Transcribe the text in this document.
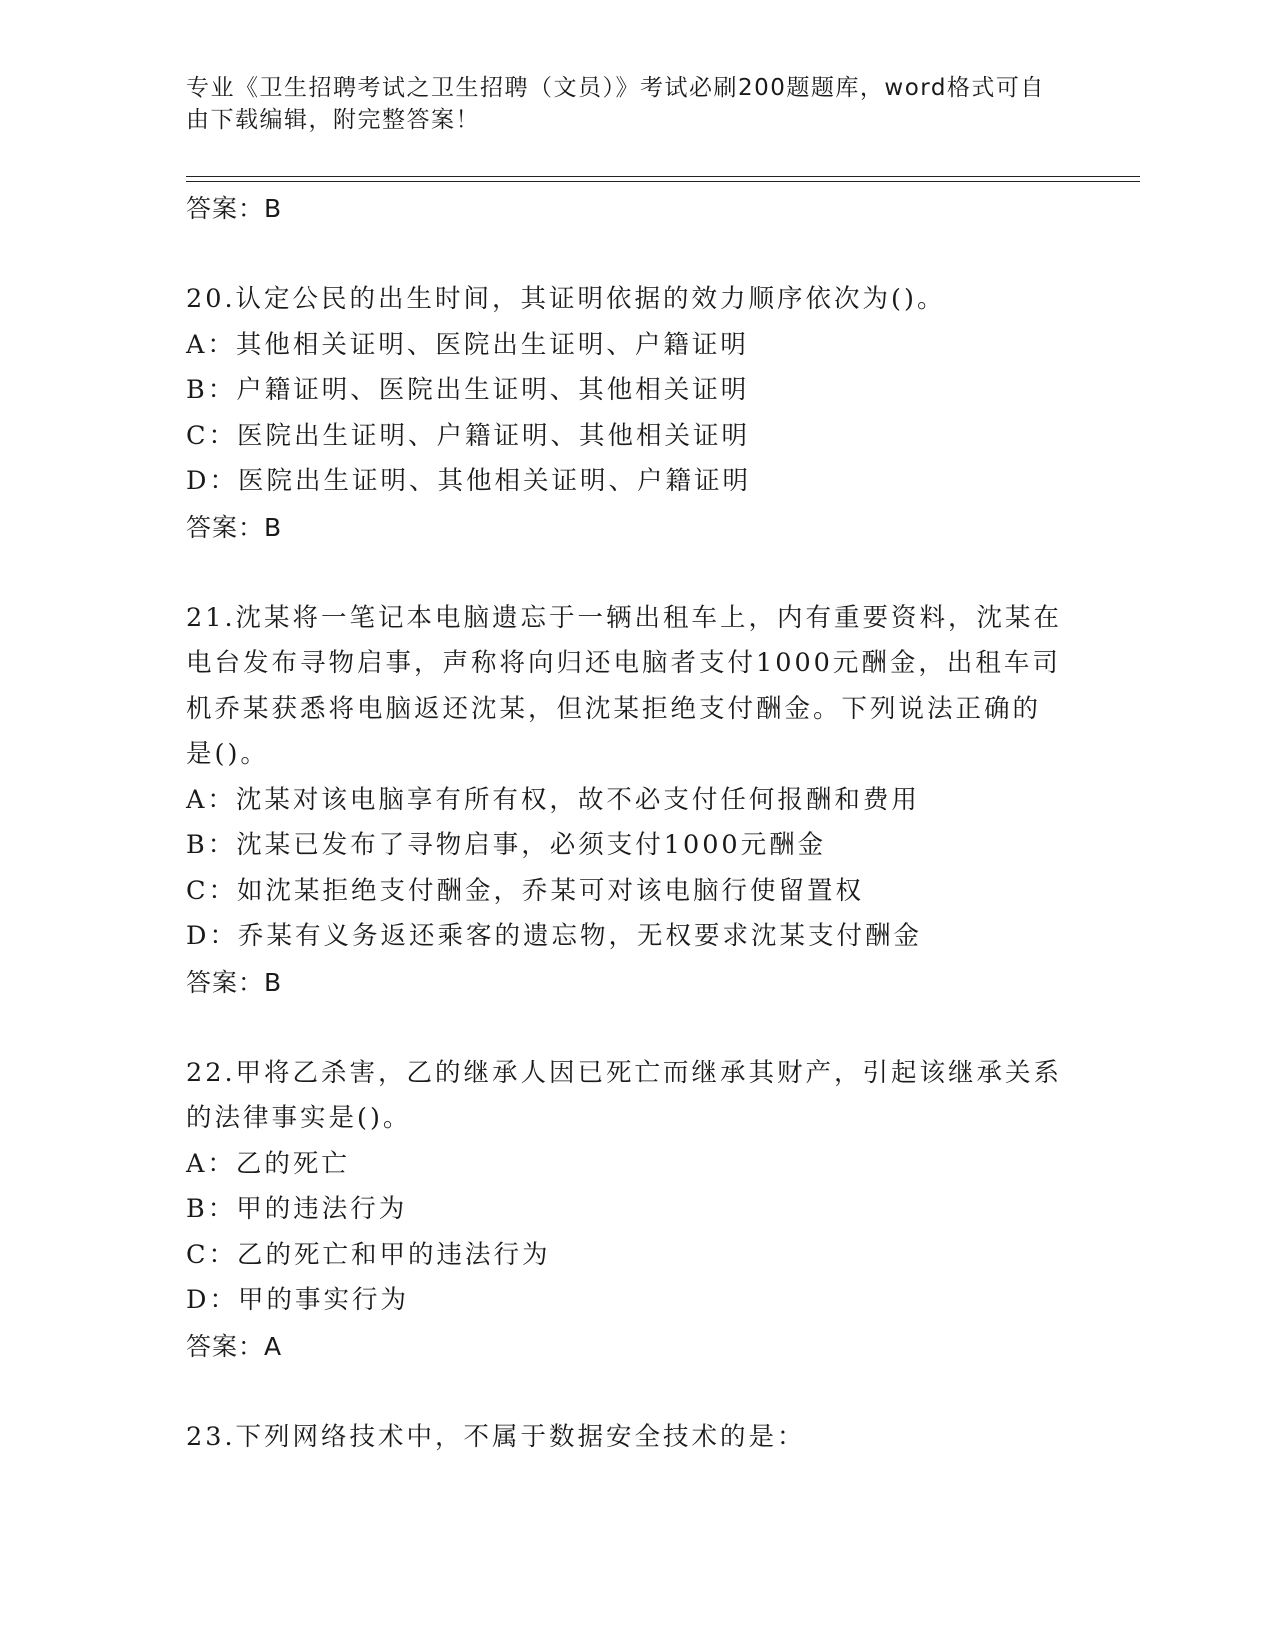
专业《卫生招聘考试之卫生招聘（文员）》考试必刷200题题库，word格式可自
由下载编辑，附完整答案！
答案：B
20.认定公民的出生时间，其证明依据的效力顺序依次为()。
A：其他相关证明、医院出生证明、户籍证明
B：户籍证明、医院出生证明、其他相关证明
C：医院出生证明、户籍证明、其他相关证明
D：医院出生证明、其他相关证明、户籍证明
答案：B
21.沈某将一笔记本电脑遗忘于一辆出租车上，内有重要资料，沈某在
电台发布寻物启事，声称将向归还电脑者支付1000元酬金，出租车司
机乔某获悉将电脑返还沈某，但沈某拒绝支付酬金。下列说法正确的
是()。
A：沈某对该电脑享有所有权，故不必支付任何报酬和费用
B：沈某已发布了寻物启事，必须支付1000元酬金
C：如沈某拒绝支付酬金，乔某可对该电脑行使留置权
D：乔某有义务返还乘客的遗忘物，无权要求沈某支付酬金
答案：B
22.甲将乙杀害，乙的继承人因已死亡而继承其财产，引起该继承关系
的法律事实是()。
A：乙的死亡
B：甲的违法行为
C：乙的死亡和甲的违法行为
D：甲的事实行为
答案：A
23.下列网络技术中，不属于数据安全技术的是：
